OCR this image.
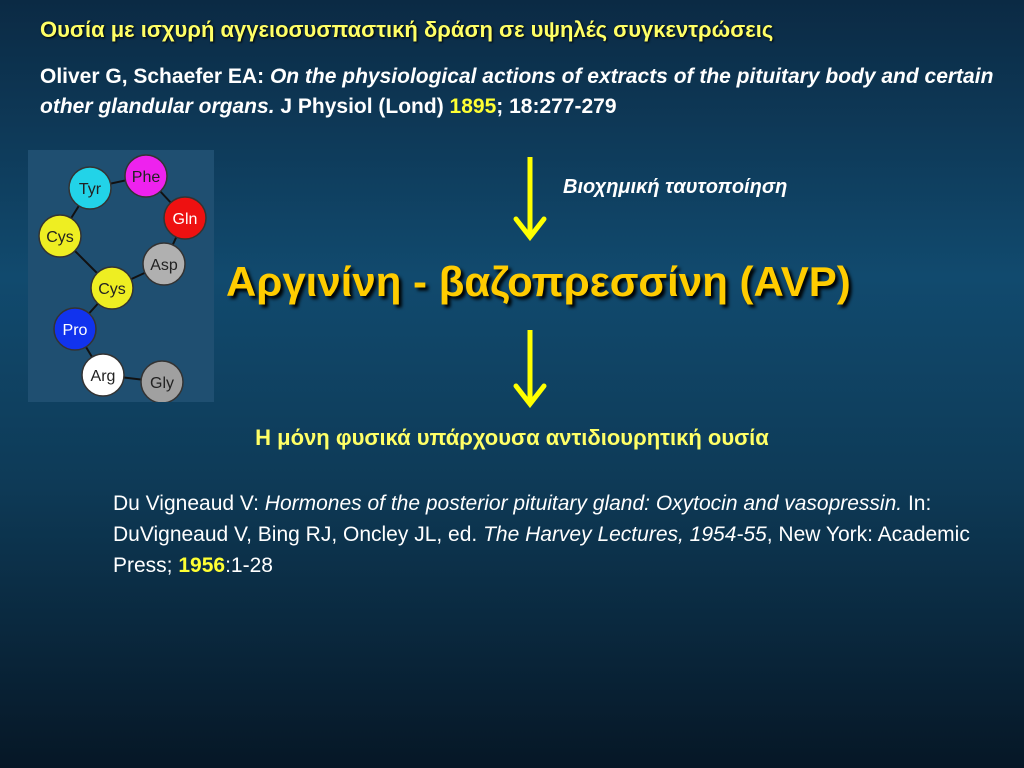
Ουσία με ισχυρή αγγειοσυσπαστική δράση σε υψηλές συγκεντρώσεις
Oliver G, Schaefer EA: On the physiological actions of extracts of the pituitary body and certain other glandular organs. J Physiol (Lond) 1895; 18:277-279
Tyr
Phe
Cys
Gln
Asp
Cys
Pro
Arg Gly
Βιοχημική ταυτοποίηση
Αργινίνη - βαζοπρεσσίνη (AVP)
Η μόνη φυσικά υπάρχουσα αντιδιουρητική ουσία
Du Vigneaud V: Hormones of the posterior pituitary gland: Oxytocin and vasopressin. In: DuVigneaud V, Bing RJ, Oncley JL, ed. The Harvey Lectures, 1954-55, New York: Academic Press; 1956:1-28
